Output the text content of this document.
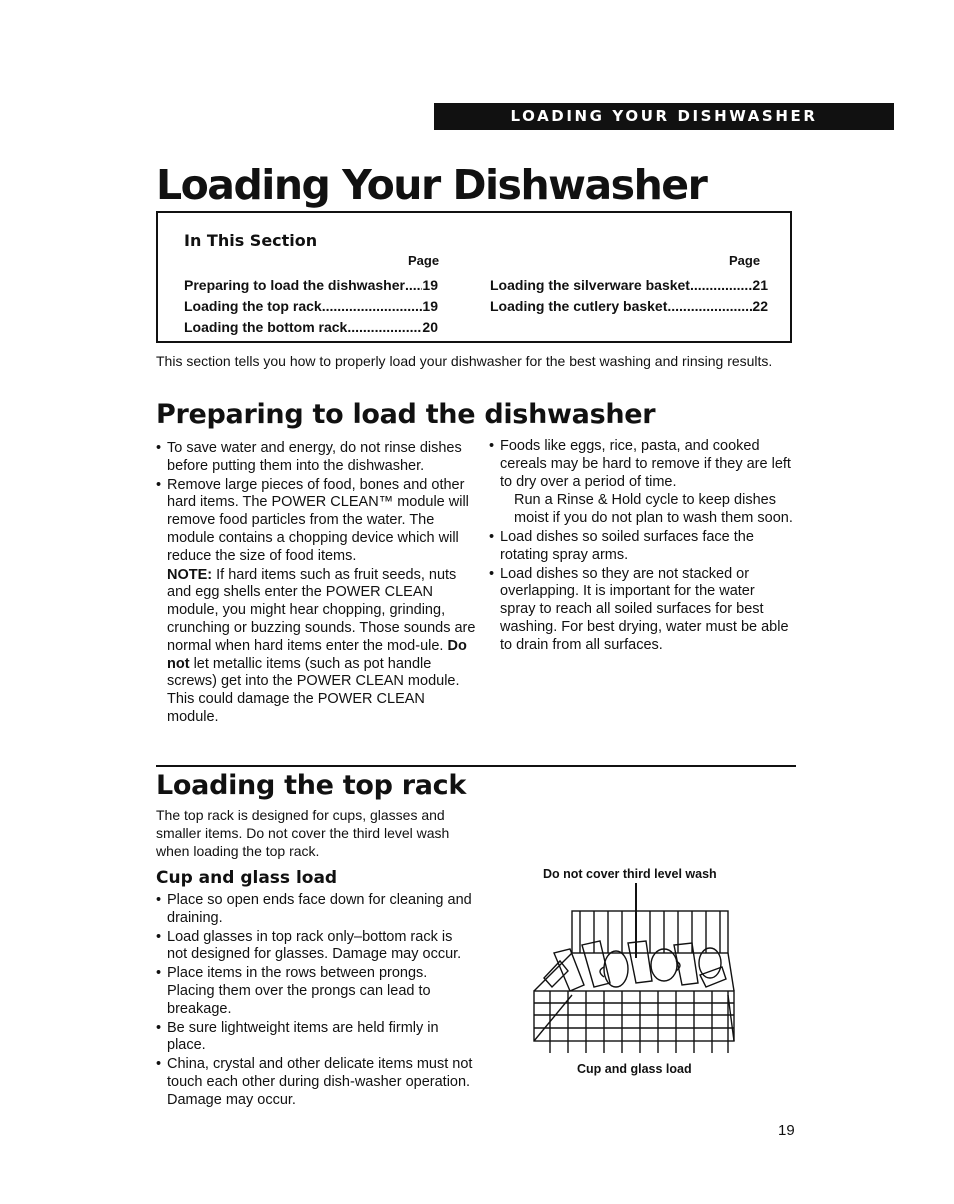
LOADING YOUR DISHWASHER
Loading Your Dishwasher
In This Section
Page	Page
Preparing to load the dishwasher ..... 19
Loading the top rack .....	19
Loading the bottom rack .....	20
Loading the silverware basket .....	21
Loading the cutlery basket .....	22

This section tells you how to properly load your dishwasher for the best washing and rinsing results.

Preparing to load the dishwasher
• To save water and energy, do not rinse dishes before putting them into the dishwasher.
• Remove large pieces of food, bones and other hard items. The POWER CLEAN™ module will remove food particles from the water. The module contains a chopping device which will reduce the size of food items.
NOTE: If hard items such as fruit seeds, nuts and egg shells enter the POWER CLEAN module, you might hear chopping, grinding, crunching or buzzing sounds. Those sounds are normal when hard items enter the mod-ule. Do not let metallic items (such as pot handle screws) get into the POWER CLEAN module. This could damage the POWER CLEAN module.
• Foods like eggs, rice, pasta, and cooked cereals may be hard to remove if they are left to dry over a period of time.
Run a Rinse & Hold cycle to keep dishes moist if you do not plan to wash them soon.
• Load dishes so soiled surfaces face the rotating spray arms.
• Load dishes so they are not stacked or overlapping. It is important for the water spray to reach all soiled surfaces for best washing. For best drying, water must be able to drain from all surfaces.
Loading the top rack

The top rack is designed for cups, glasses and smaller items. Do not cover the third level wash when loading the top rack.

Cup and glass load
• Place so open ends face down for cleaning and draining.
• Load glasses in top rack only–bottom rack is not designed for glasses. Damage may occur.
• Place items in the rows between prongs. Placing them over the prongs can lead to breakage.
• Be sure lightweight items are held firmly in place.
• China, crystal and other delicate items must not touch each other during dish-washer operation. Damage may occur.
Do not cover third level wash
Cup and glass load
19
